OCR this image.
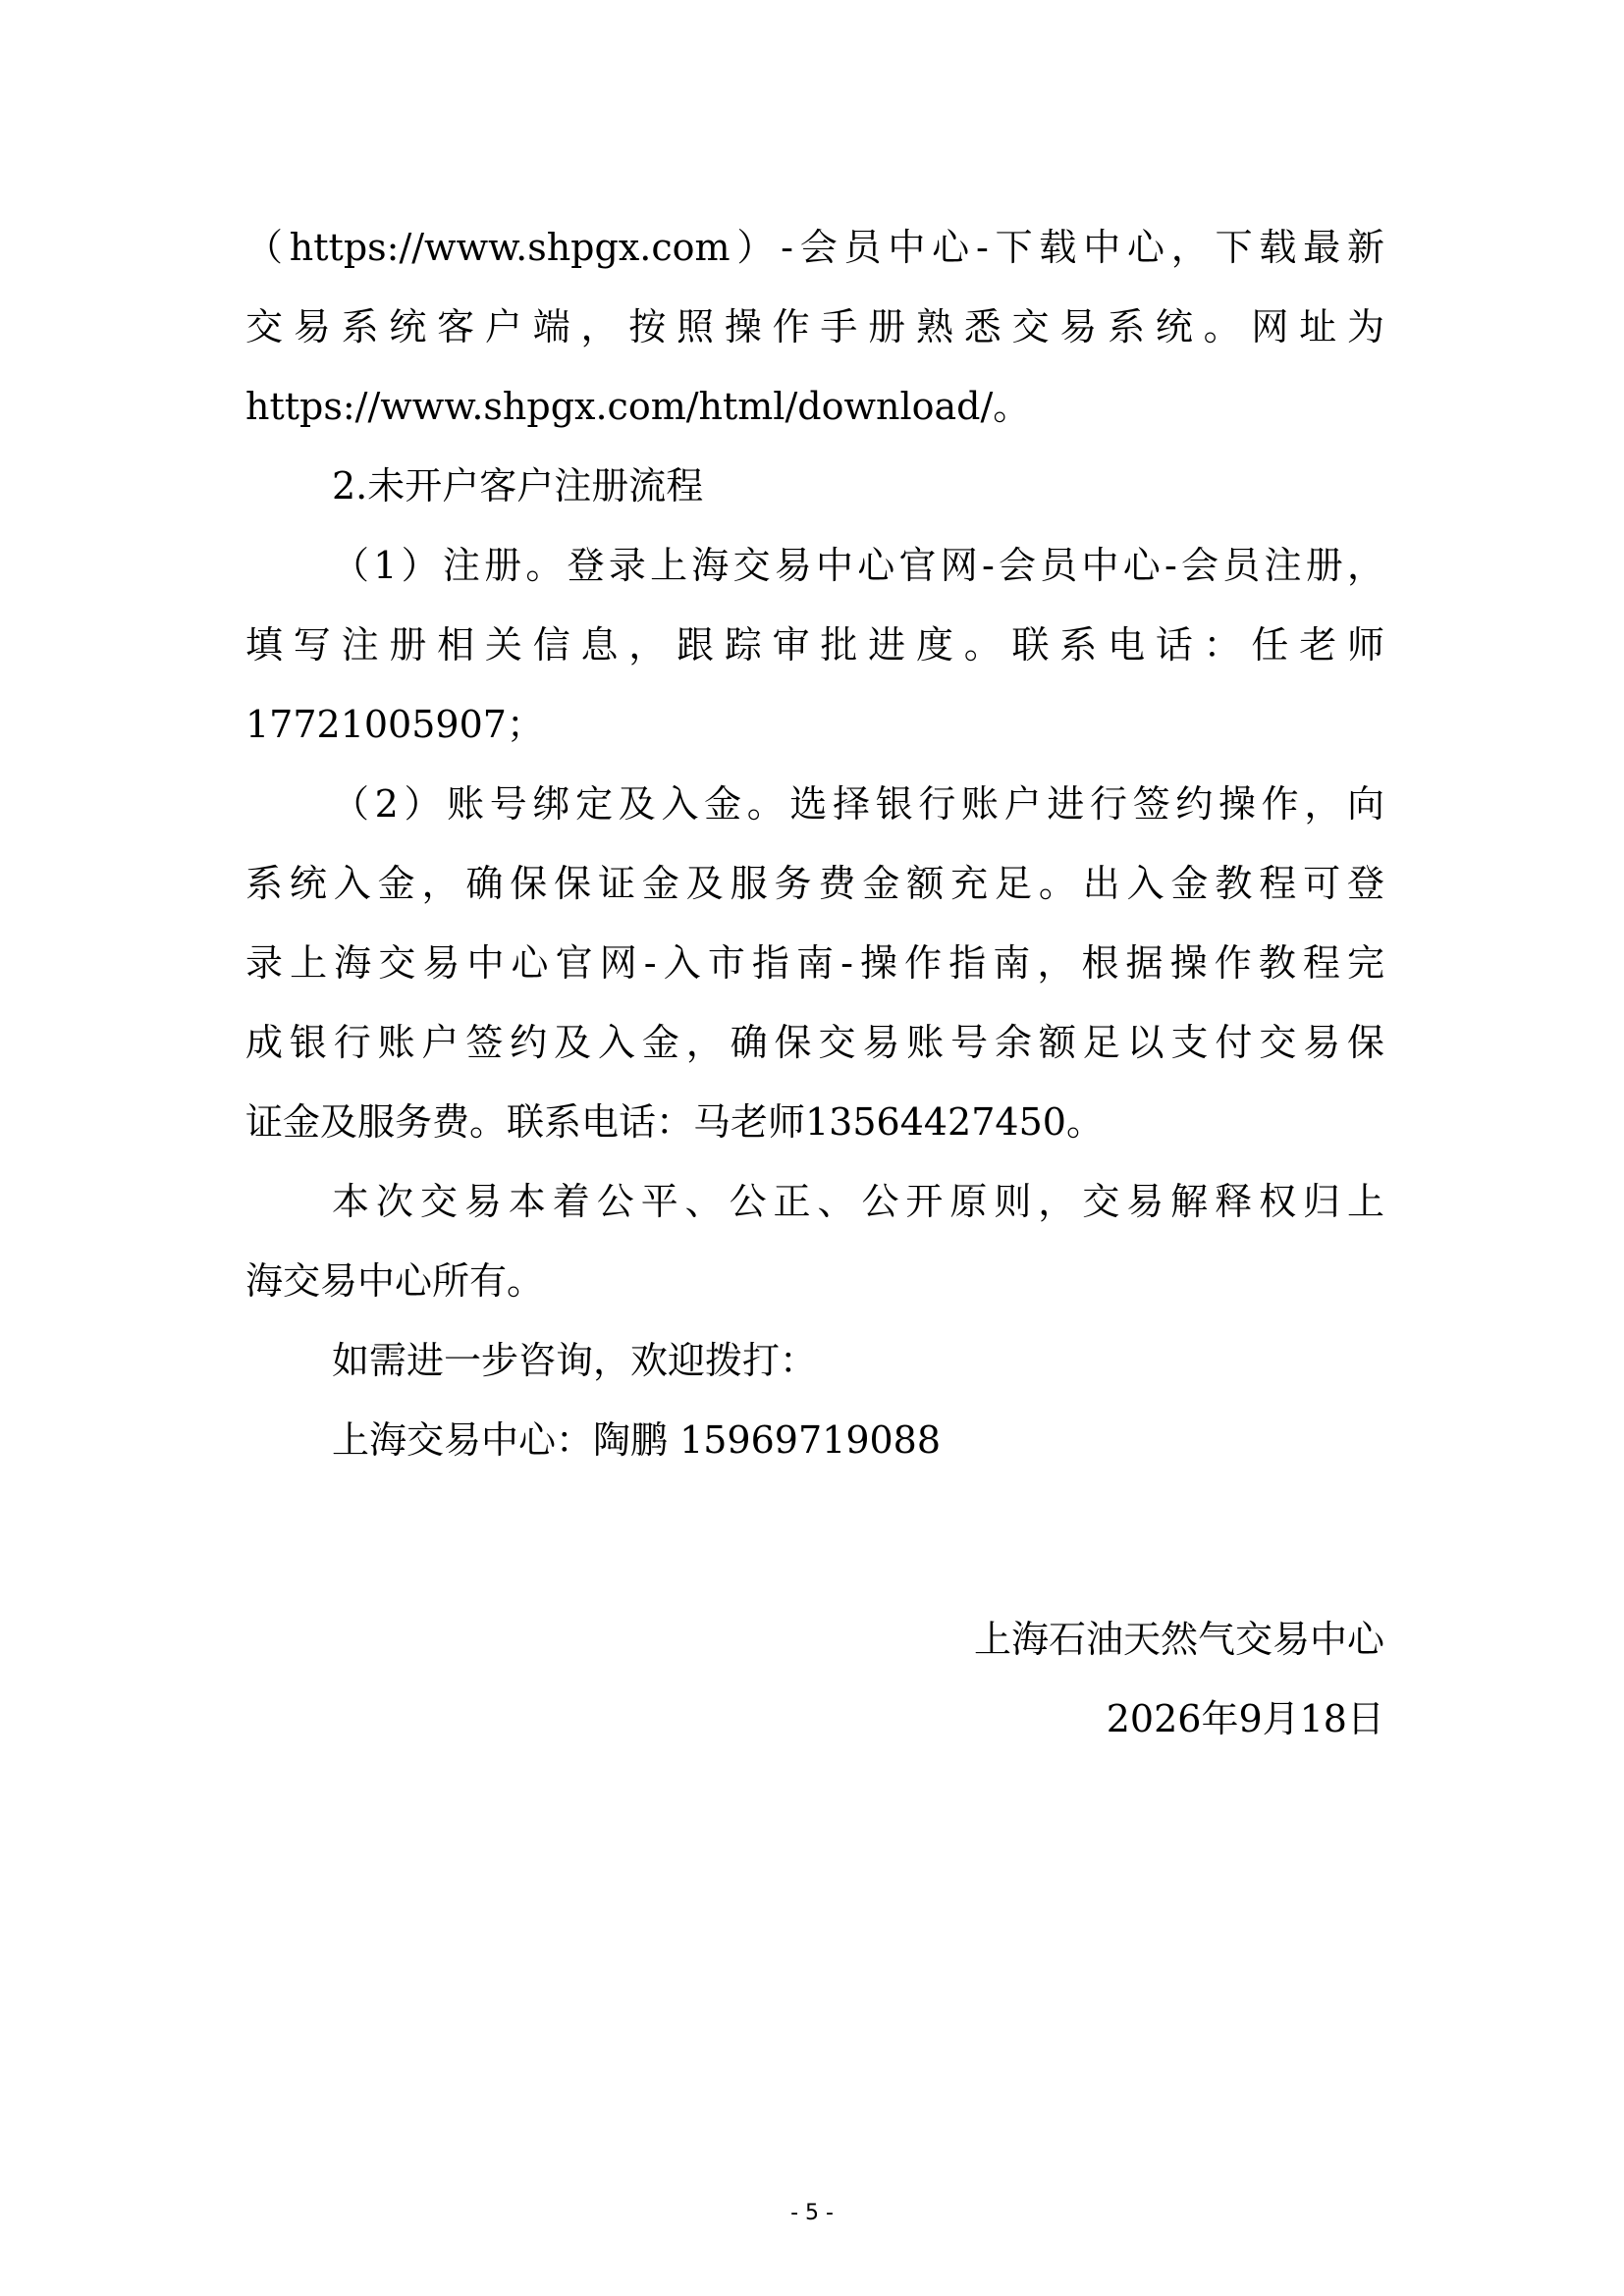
（https://www.shpgx.com）-会员中心-下载中心，下载最新
交易系统客户端，按照操作手册熟悉交易系统。网址为
https://www.shpgx.com/html/download/。
2.未开户客户注册流程
（1）注册。登录上海交易中心官网-会员中心-会员注册，
填写注册相关信息，跟踪审批进度。联系电话：任老师
17721005907；
（2）账号绑定及入金。选择银行账户进行签约操作，向
系统入金，确保保证金及服务费金额充足。出入金教程可登
录上海交易中心官网-入市指南-操作指南，根据操作教程完
成银行账户签约及入金，确保交易账号余额足以支付交易保
证金及服务费。联系电话：马老师13564427450。
本次交易本着公平、公正、公开原则，交易解释权归上
海交易中心所有。
如需进一步咨询，欢迎拨打：
上海交易中心：陶鹏 15969719088
上海石油天然气交易中心
2026年9月18日
- 5 -
